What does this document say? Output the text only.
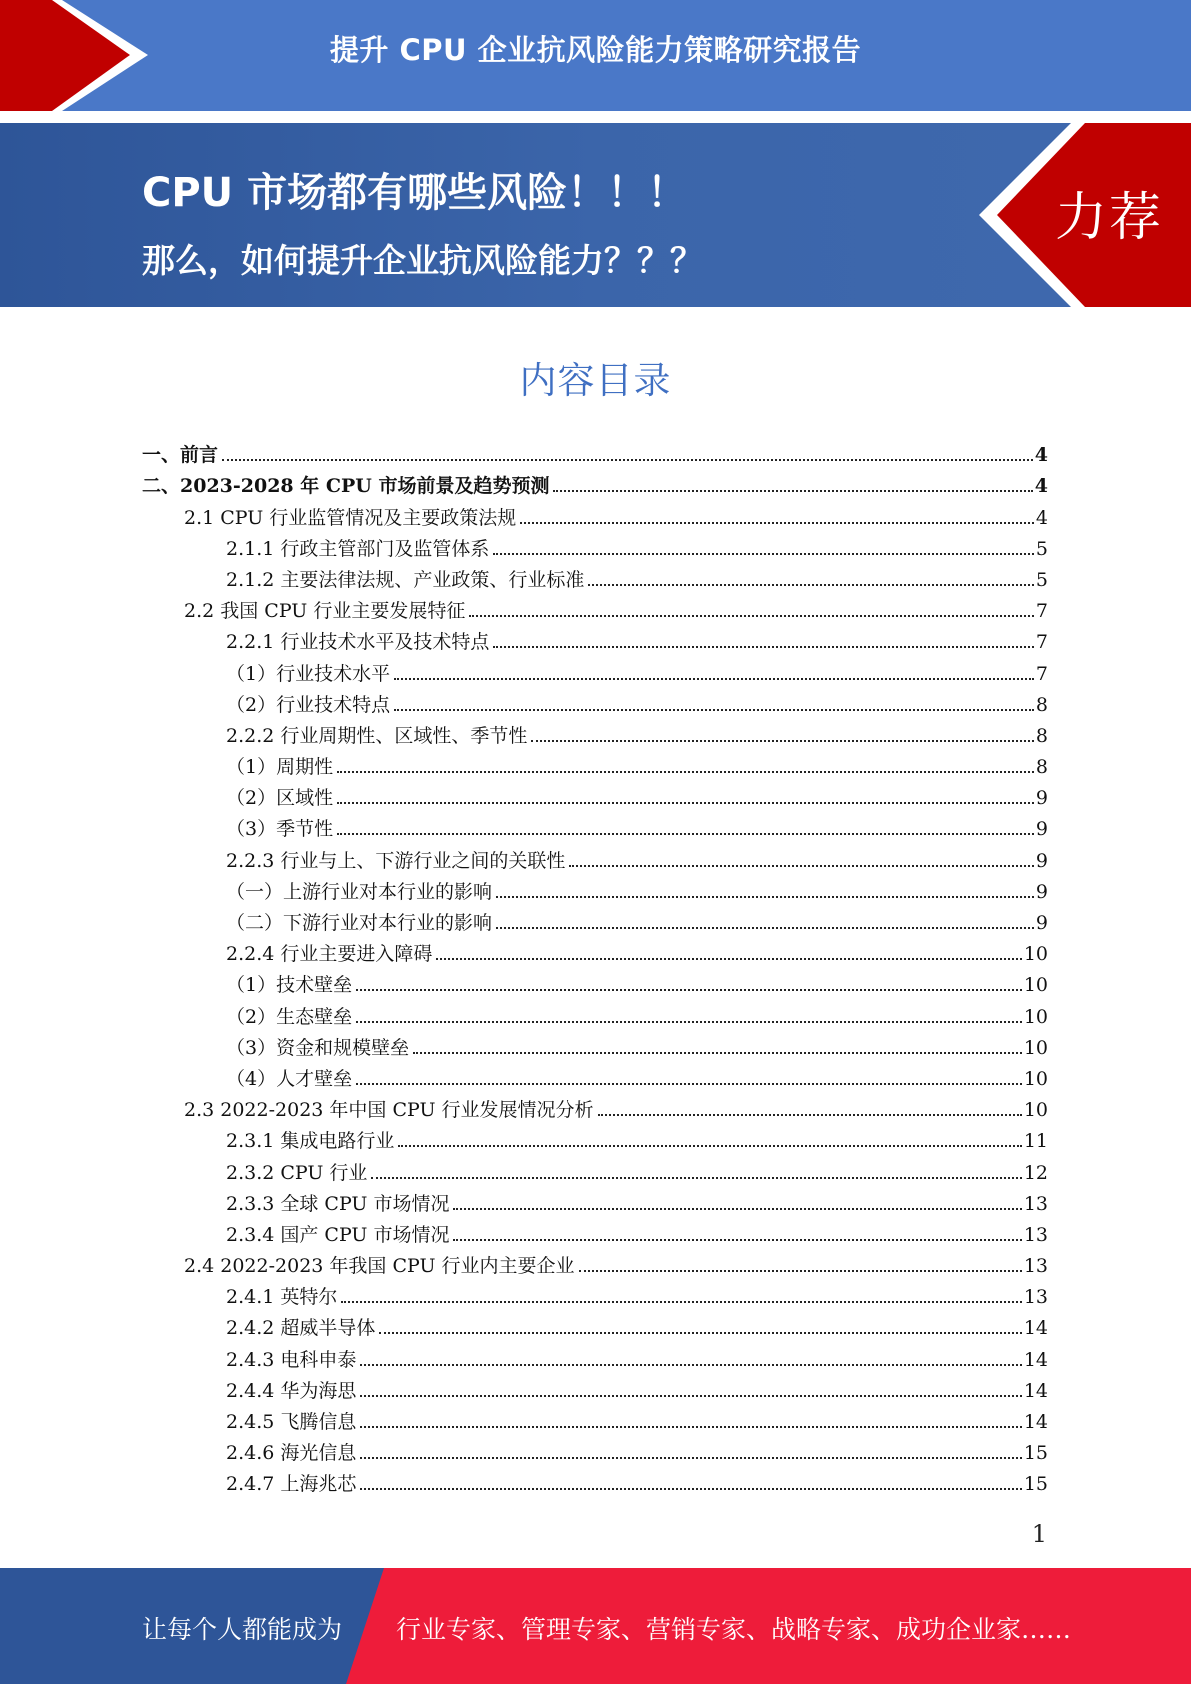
提升 CPU 企业抗风险能力策略研究报告
CPU 市场都有哪些风险！！！
那么，如何提升企业抗风险能力？？？
力荐
内容目录
一、前言	4
二、2023-2028 年 CPU 市场前景及趋势预测	4
2.1 CPU 行业监管情况及主要政策法规	4
2.1.1 行政主管部门及监管体系	5
2.1.2 主要法律法规、产业政策、行业标准	5
2.2 我国 CPU 行业主要发展特征	7
2.2.1 行业技术水平及技术特点	7
（1）行业技术水平	7
（2）行业技术特点	8
2.2.2 行业周期性、区域性、季节性	8
（1）周期性	8
（2）区域性	9
（3）季节性	9
2.2.3 行业与上、下游行业之间的关联性	9
（一）上游行业对本行业的影响	9
（二）下游行业对本行业的影响	9
2.2.4 行业主要进入障碍	10
（1）技术壁垒	10
（2）生态壁垒	10
（3）资金和规模壁垒	10
（4）人才壁垒	10
2.3 2022-2023 年中国 CPU 行业发展情况分析	10
2.3.1 集成电路行业	11
2.3.2 CPU 行业	12
2.3.3 全球 CPU 市场情况	13
2.3.4 国产 CPU 市场情况	13
2.4 2022-2023 年我国 CPU 行业内主要企业	13
2.4.1 英特尔	13
2.4.2 超威半导体	14
2.4.3 电科申泰	14
2.4.4 华为海思	14
2.4.5 飞腾信息	14
2.4.6 海光信息	15
2.4.7 上海兆芯	15
1
让每个人都能成为 行业专家、管理专家、营销专家、战略专家、成功企业家……
